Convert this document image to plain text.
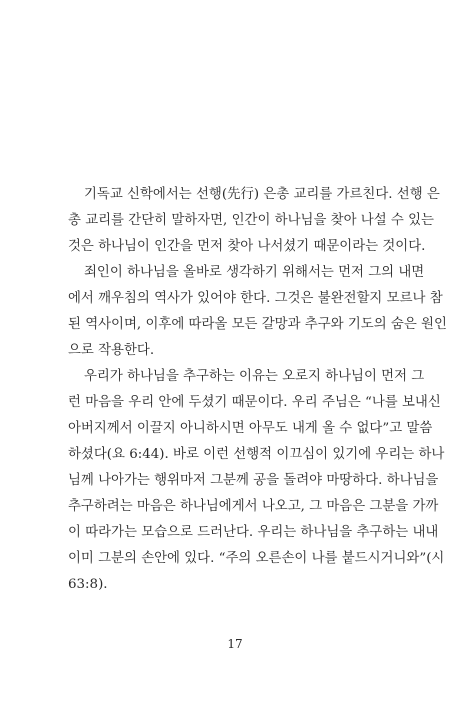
기독교 신학에서는 선행(先行) 은총 교리를 가르친다. 선행 은
총 교리를 간단히 말하자면, 인간이 하나님을 찾아 나설 수 있는
것은 하나님이 인간을 먼저 찾아 나서셨기 때문이라는 것이다.
죄인이 하나님을 올바로 생각하기 위해서는 먼저 그의 내면
에서 깨우침의 역사가 있어야 한다. 그것은 불완전할지 모르나 참
된 역사이며, 이후에 따라올 모든 갈망과 추구와 기도의 숨은 원인
으로 작용한다.
우리가 하나님을 추구하는 이유는 오로지 하나님이 먼저 그
런 마음을 우리 안에 두셨기 때문이다. 우리 주님은 “나를 보내신
아버지께서 이끌지 아니하시면 아무도 내게 올 수 없다”고 말씀
하셨다(요 6:44). 바로 이런 선행적 이끄심이 있기에 우리는 하나
님께 나아가는 행위마저 그분께 공을 돌려야 마땅하다. 하나님을
추구하려는 마음은 하나님에게서 나오고, 그 마음은 그분을 가까
이 따라가는 모습으로 드러난다. 우리는 하나님을 추구하는 내내
이미 그분의 손안에 있다. “주의 오른손이 나를 붙드시거니와”(시
63:8).
17
